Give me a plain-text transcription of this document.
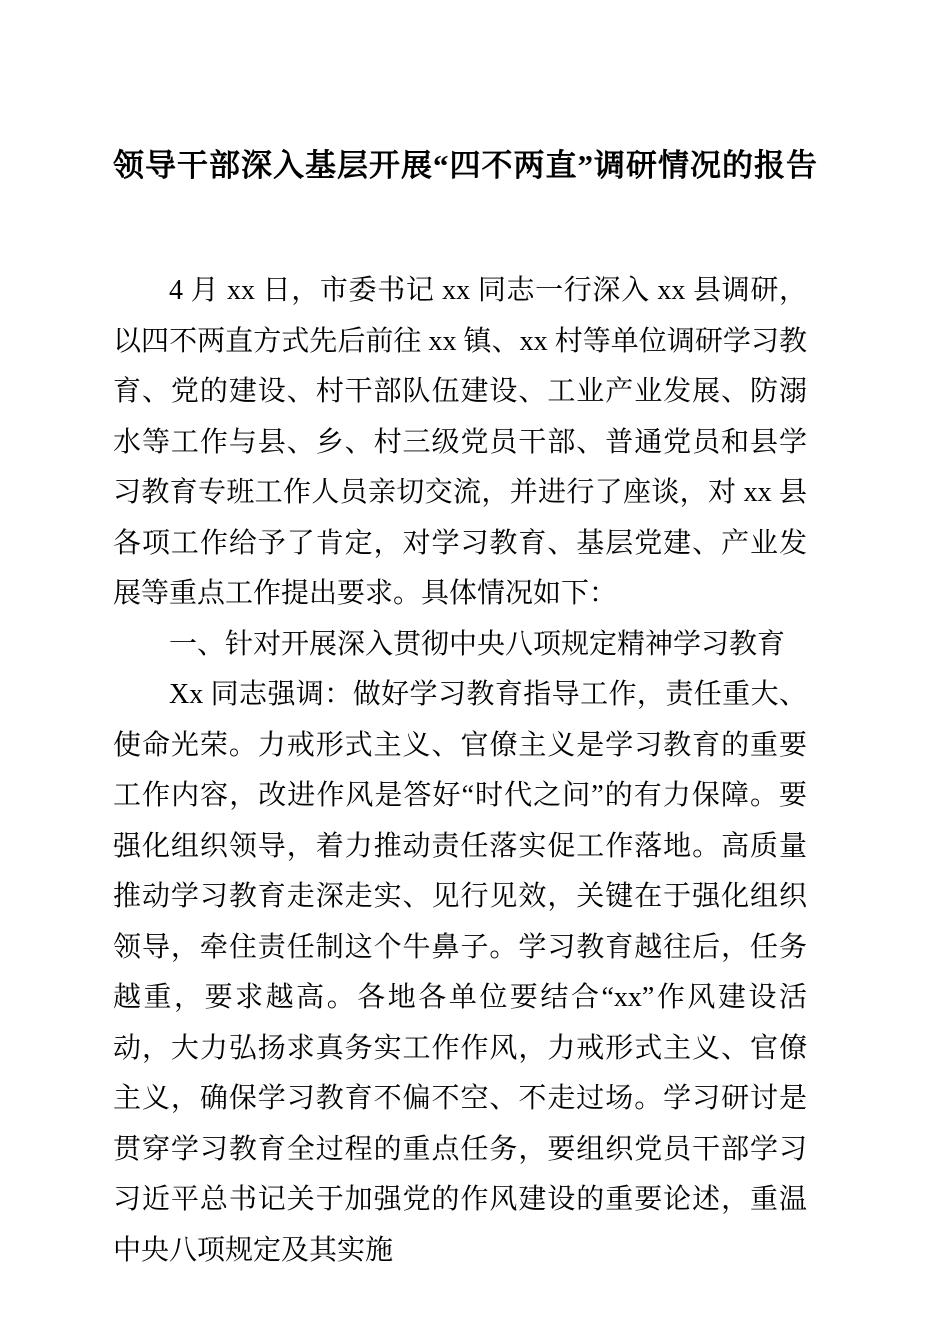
领导干部深入基层开展“四不两直”调研情况的报告

4 月 xx 日，市委书记 xx 同志一行深入 xx 县调研，以四不两直方式先后前往 xx 镇、xx 村等单位调研学习教育、党的建设、村干部队伍建设、工业产业发展、防溺水等工作与县、乡、村三级党员干部、普通党员和县学习教育专班工作人员亲切交流，并进行了座谈，对 xx 县各项工作给予了肯定，对学习教育、基层党建、产业发展等重点工作提出要求。具体情况如下：

一、针对开展深入贯彻中央八项规定精神学习教育

Xx 同志强调：做好学习教育指导工作，责任重大、使命光荣。力戒形式主义、官僚主义是学习教育的重要工作内容，改进作风是答好“时代之问”的有力保障。要强化组织领导，着力推动责任落实促工作落地。高质量推动学习教育走深走实、见行见效，关键在于强化组织领导，牵住责任制这个牛鼻子。学习教育越往后，任务越重，要求越高。各地各单位要结合“xx”作风建设活动，大力弘扬求真务实工作作风，力戒形式主义、官僚主义，确保学习教育不偏不空、不走过场。学习研讨是贯穿学习教育全过程的重点任务，要组织党员干部学习习近平总书记关于加强党的作风建设的重要论述，重温中央八项规定及其实施
